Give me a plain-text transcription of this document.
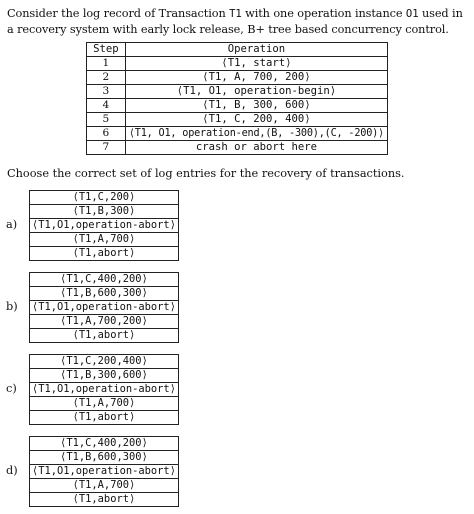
Consider the log record of Transaction T1 with one operation instance O1 used in a recovery system with early lock release, B+ tree based concurrency control.
Step	Operation
1	⟨T1, start⟩
2	⟨T1, A, 700, 200⟩
3	⟨T1, O1, operation-begin⟩
4	⟨T1, B, 300, 600⟩
5	⟨T1, C, 200, 400⟩
6	⟨T1, O1, operation-end,(B, -300),(C, -200)⟩
7	crash or abort here
Choose the correct set of log entries for the recovery of transactions.
a)
⟨T1,C,200⟩
⟨T1,B,300⟩
⟨T1,O1,operation-abort⟩
⟨T1,A,700⟩
⟨T1,abort⟩
b)
⟨T1,C,400,200⟩
⟨T1,B,600,300⟩
⟨T1,O1,operation-abort⟩
⟨T1,A,700,200⟩
⟨T1,abort⟩
c)
⟨T1,C,200,400⟩
⟨T1,B,300,600⟩
⟨T1,O1,operation-abort⟩
⟨T1,A,700⟩
⟨T1,abort⟩
d)
⟨T1,C,400,200⟩
⟨T1,B,600,300⟩
⟨T1,O1,operation-abort⟩
⟨T1,A,700⟩
⟨T1,abort⟩
